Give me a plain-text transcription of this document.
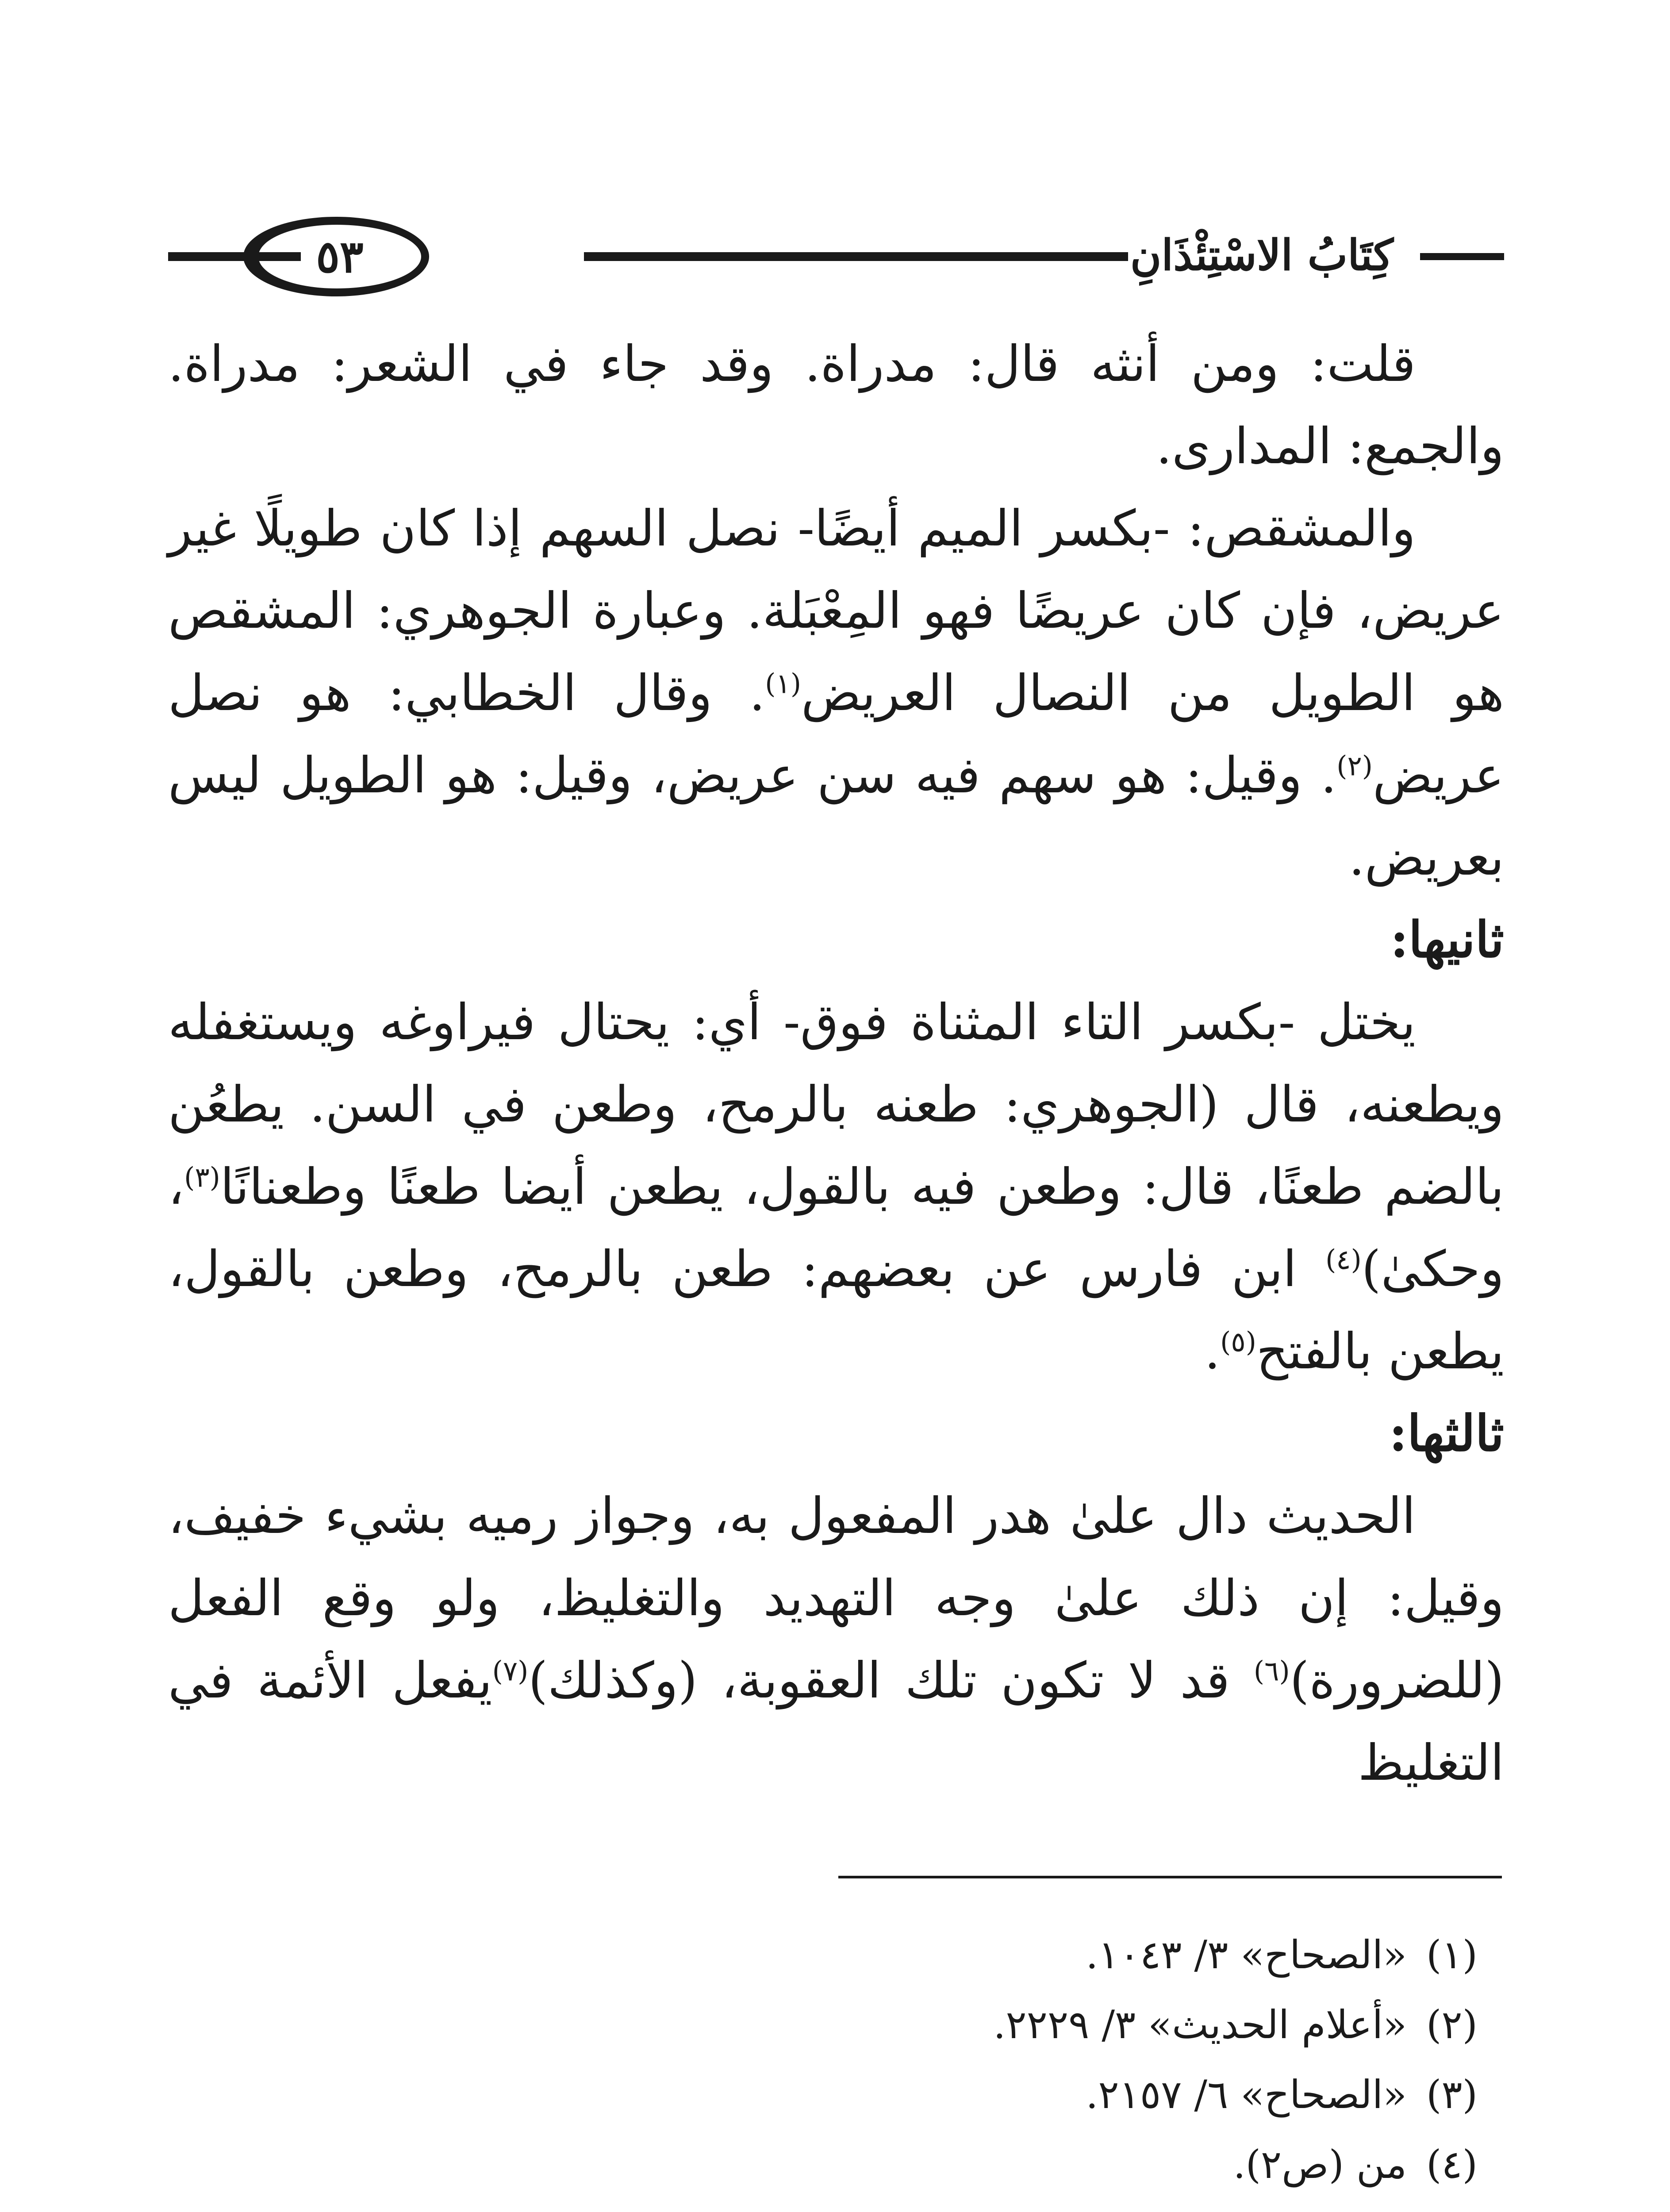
كِتَابُ الاسْتِئْذَانِ
٥٣

قلت: ومن أنثه قال: مدراة. وقد جاء في الشعر: مدراة. والجمع: المدارى.

والمشقص: -بكسر الميم أيضًا- نصل السهم إذا كان طويلًا غير عريض، فإن كان عريضًا فهو المِعْبَلة. وعبارة الجوهري: المشقص هو الطويل من النصال العريض$^{(١)}$. وقال الخطابي: هو نصل عريض$^{(٢)}$. وقيل: هو سهم فيه سن عريض، وقيل: هو الطويل ليس بعريض.

ثانيها:

يختل -بكسر التاء المثناة فوق- أي: يحتال فيراوغه ويستغفله ويطعنه، قال (الجوهري: طعنه بالرمح، وطعن في السن. يطعُن بالضم طعنًا، قال: وطعن فيه بالقول، يطعن أيضا طعنًا وطعنانًا$^{(٣)}$، وحكىٰ)$^{(٤)}$ ابن فارس عن بعضهم: طعن بالرمح، وطعن بالقول، يطعن بالفتح$^{(٥)}$.

ثالثها:

الحديث دال علىٰ هدر المفعول به، وجواز رميه بشيء خفيف، وقيل: إن ذلك علىٰ وجه التهديد والتغليظ، ولو وقع الفعل (للضرورة)$^{(٦)}$ قد لا تكون تلك العقوبة، (وكذلك)$^{(٧)}$يفعل الأئمة في التغليظ

(١)«الصحاح» ٣/ ١٠٤٣.

(٢)«أعلام الحديث» ٣/ ٢٢٢٩.

(٣)«الصحاح» ٦/ ٢١٥٧.

(٤)من (ص٢).
